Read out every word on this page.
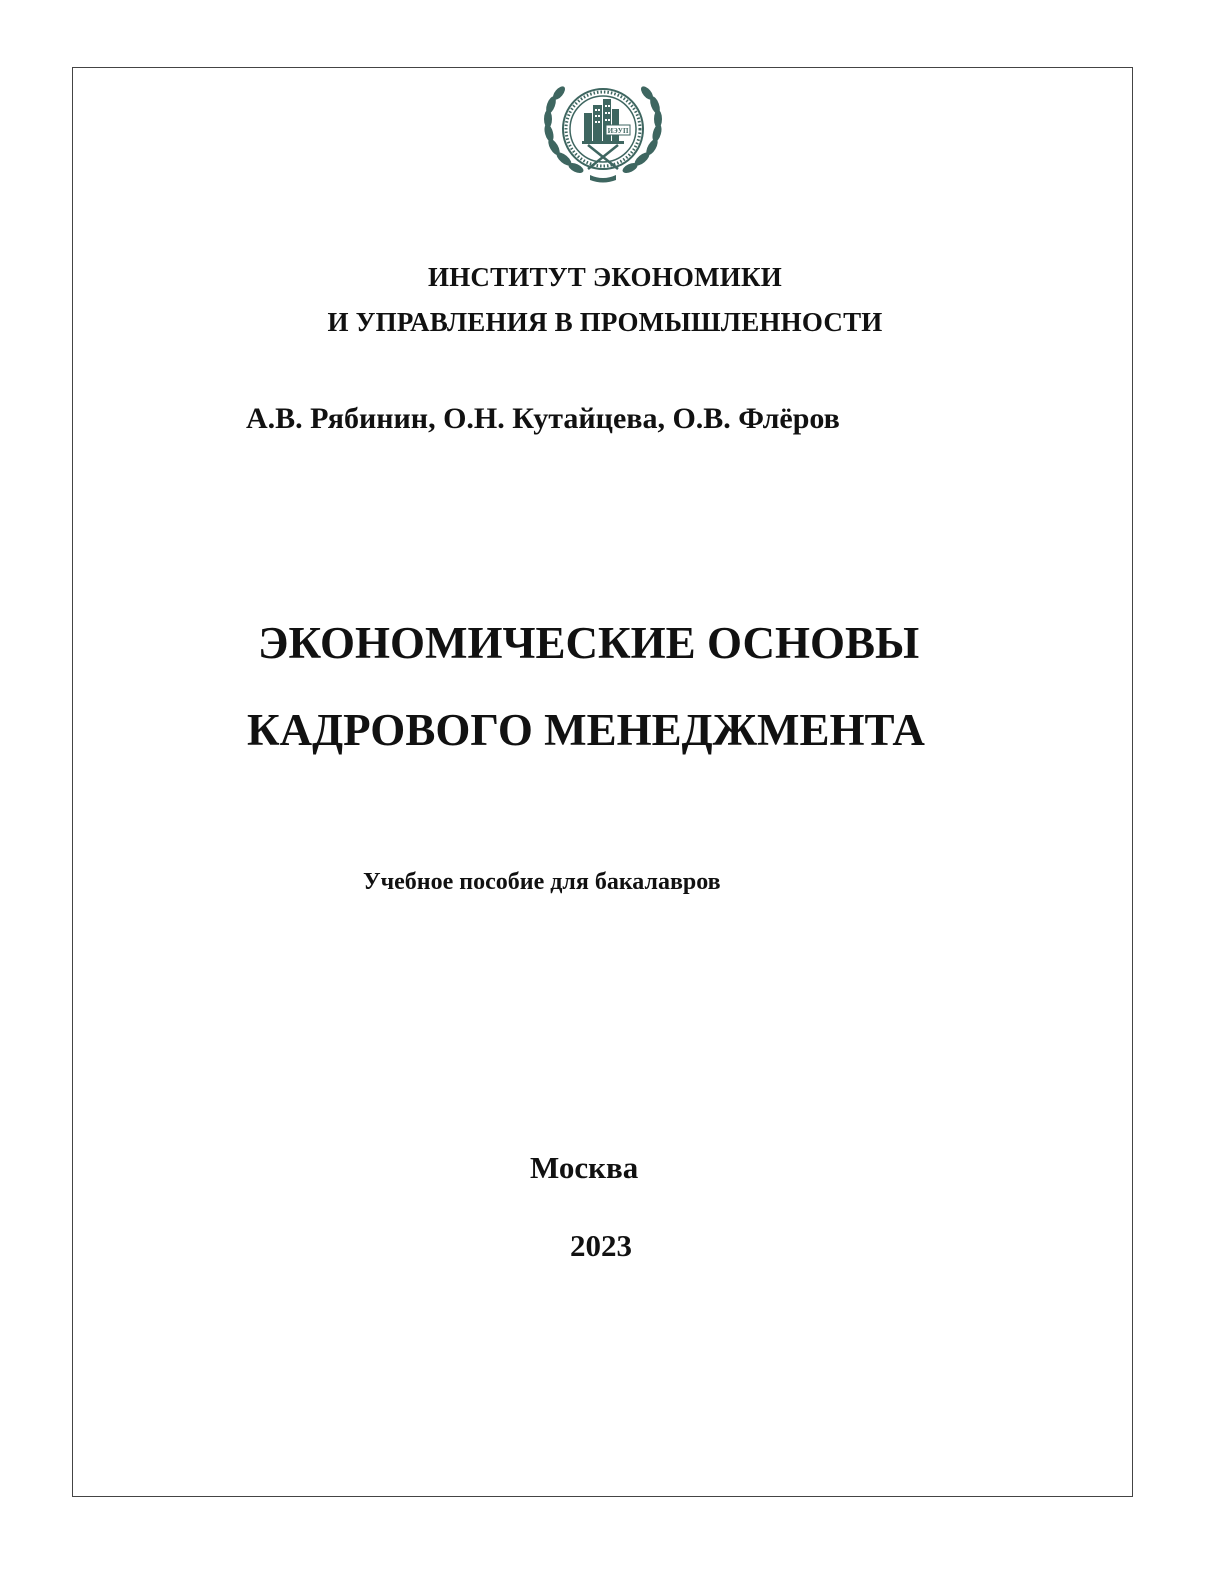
ИЭУП
ИНСТИТУТ ЭКОНОМИКИ
И УПРАВЛЕНИЯ В ПРОМЫШЛЕННОСТИ
А.В. Рябинин, О.Н. Кутайцева, О.В. Флёров
ЭКОНОМИЧЕСКИЕ ОСНОВЫ
КАДРОВОГО МЕНЕДЖМЕНТА
Учебное пособие для бакалавров
Москва
2023
